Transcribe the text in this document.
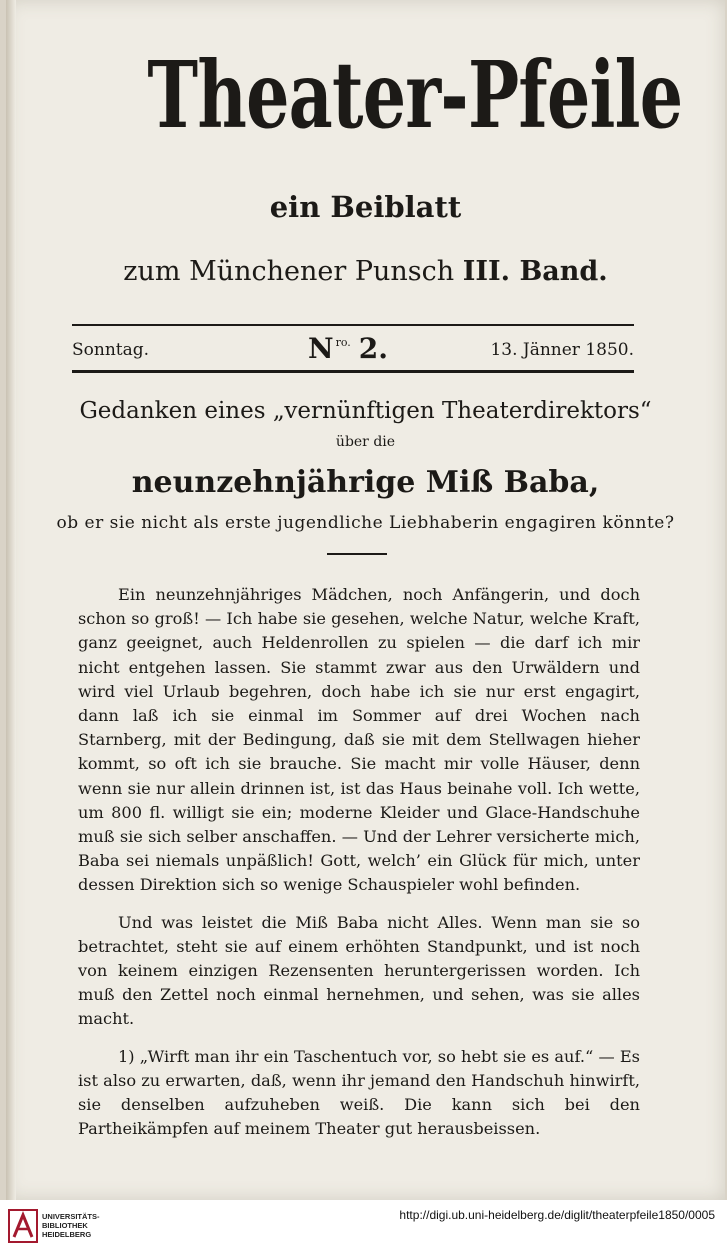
Theater-Pfeile
ein Beiblatt
zum Münchener Punsch III. Band.
Sonntag.	N $^{ro.}$ 2.	13. Jänner 1850.
Gedanken eines „vernünftigen Theaterdirektors“
über die
neunzehnjährige Miß Baba,
ob er sie nicht als erste jugendliche Liebhaberin engagiren könnte?

Ein neunzehnjähriges Mädchen, noch Anfängerin, und doch schon so groß! — Ich habe sie gesehen, welche Natur, welche Kraft, ganz geeignet, auch Heldenrollen zu spielen — die darf ich mir nicht entgehen lassen. Sie stammt zwar aus den Urwäldern und wird viel Urlaub begehren, doch habe ich sie nur erst engagirt, dann laß ich sie einmal im Sommer auf drei Wochen nach Starnberg, mit der Bedingung, daß sie mit dem Stellwagen hieher kommt, so oft ich sie brauche. Sie macht mir volle Häuser, denn wenn sie nur allein drinnen ist, ist das Haus beinahe voll. Ich wette, um 800 fl. willigt sie ein; moderne Kleider und Glace-Handschuhe muß sie sich selber anschaffen. — Und der Lehrer versicherte mich, Baba sei niemals unpäßlich! Gott, welch’ ein Glück für mich, unter dessen Direktion sich so wenige Schauspieler wohl befinden.

Und was leistet die Miß Baba nicht Alles. Wenn man sie so betrachtet, steht sie auf einem erhöhten Standpunkt, und ist noch von keinem einzigen Rezensenten heruntergerissen worden. Ich muß den Zettel noch einmal hernehmen, und sehen, was sie alles macht.

1) „Wirft man ihr ein Taschentuch vor, so hebt sie es auf.“ — Es ist also zu erwarten, daß, wenn ihr jemand den Handschuh hinwirft, sie denselben aufzuheben weiß. Die kann sich bei den Partheikämpfen auf meinem Theater gut herausbeissen.

UNIVERSITÄTS-
BIBLIOTHEK
HEIDELBERG
http://digi.ub.uni-heidelberg.de/diglit/theaterpfeile1850/0005
